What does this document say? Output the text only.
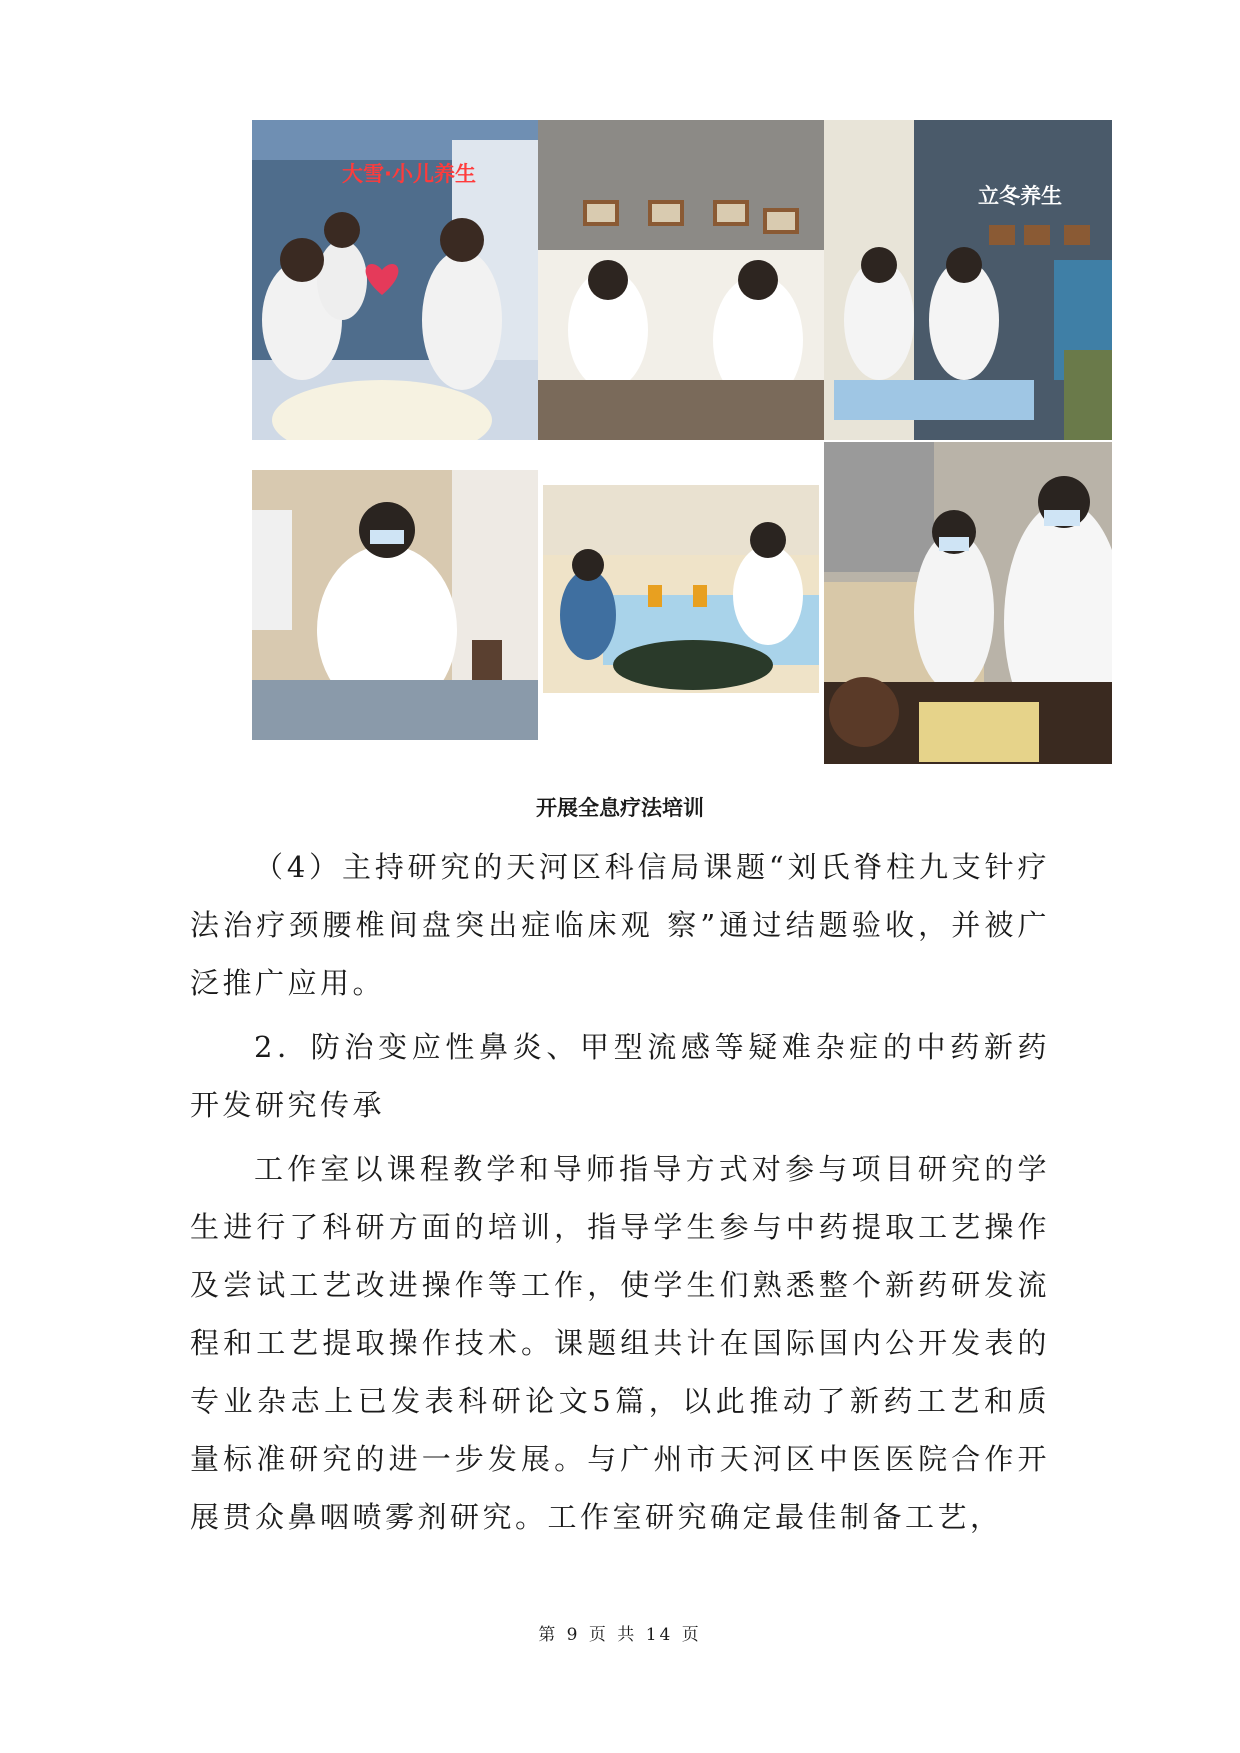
大雪·小儿养生
立冬养生
开展全息疗法培训

（4）主持研究的天河区科信局课题“刘氏脊柱九支针疗法治疗颈腰椎间盘突出症临床观 察”通过结题验收，并被广泛推广应用。

2．防治变应性鼻炎、甲型流感等疑难杂症的中药新药开发研究传承

工作室以课程教学和导师指导方式对参与项目研究的学生进行了科研方面的培训，指导学生参与中药提取工艺操作及尝试工艺改进操作等工作，使学生们熟悉整个新药研发流程和工艺提取操作技术。课题组共计在国际国内公开发表的专业杂志上已发表科研论文5篇，以此推动了新药工艺和质量标准研究的进一步发展。与广州市天河区中医医院合作开展贯众鼻咽喷雾剂研究。工作室研究确定最佳制备工艺，

第 9 页 共 14 页
